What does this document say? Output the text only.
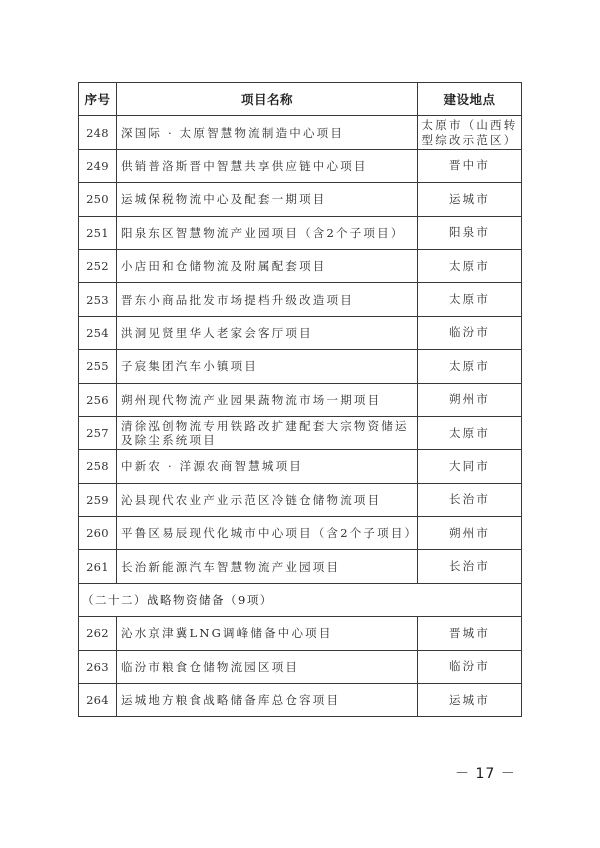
序号	项目名称	建设地点
248	深国际 · 太原智慧物流制造中心项目	太原市（山西转型综改示范区）
249	供销普洛斯晋中智慧共享供应链中心项目	晋中市
250	运城保税物流中心及配套一期项目	运城市
251	阳泉东区智慧物流产业园项目（含2个子项目）	阳泉市
252	小店田和仓储物流及附属配套项目	太原市
253	晋东小商品批发市场提档升级改造项目	太原市
254	洪洞见贤里华人老家会客厅项目	临汾市
255	子宸集团汽车小镇项目	太原市
256	朔州现代物流产业园果蔬物流市场一期项目	朔州市
257	清徐泓创物流专用铁路改扩建配套大宗物资储运及除尘系统项目	太原市
258	中新农 · 洋源农商智慧城项目	大同市
259	沁县现代农业产业示范区冷链仓储物流项目	长治市
260	平鲁区易辰现代化城市中心项目（含2个子项目）	朔州市
261	长治新能源汽车智慧物流产业园项目	长治市
（二十二）战略物资储备（9项）		
262	沁水京津冀LNG调峰储备中心项目	晋城市
263	临汾市粮食仓储物流园区项目	临汾市
264	运城地方粮食战略储备库总仓容项目	运城市
－ 17 －
